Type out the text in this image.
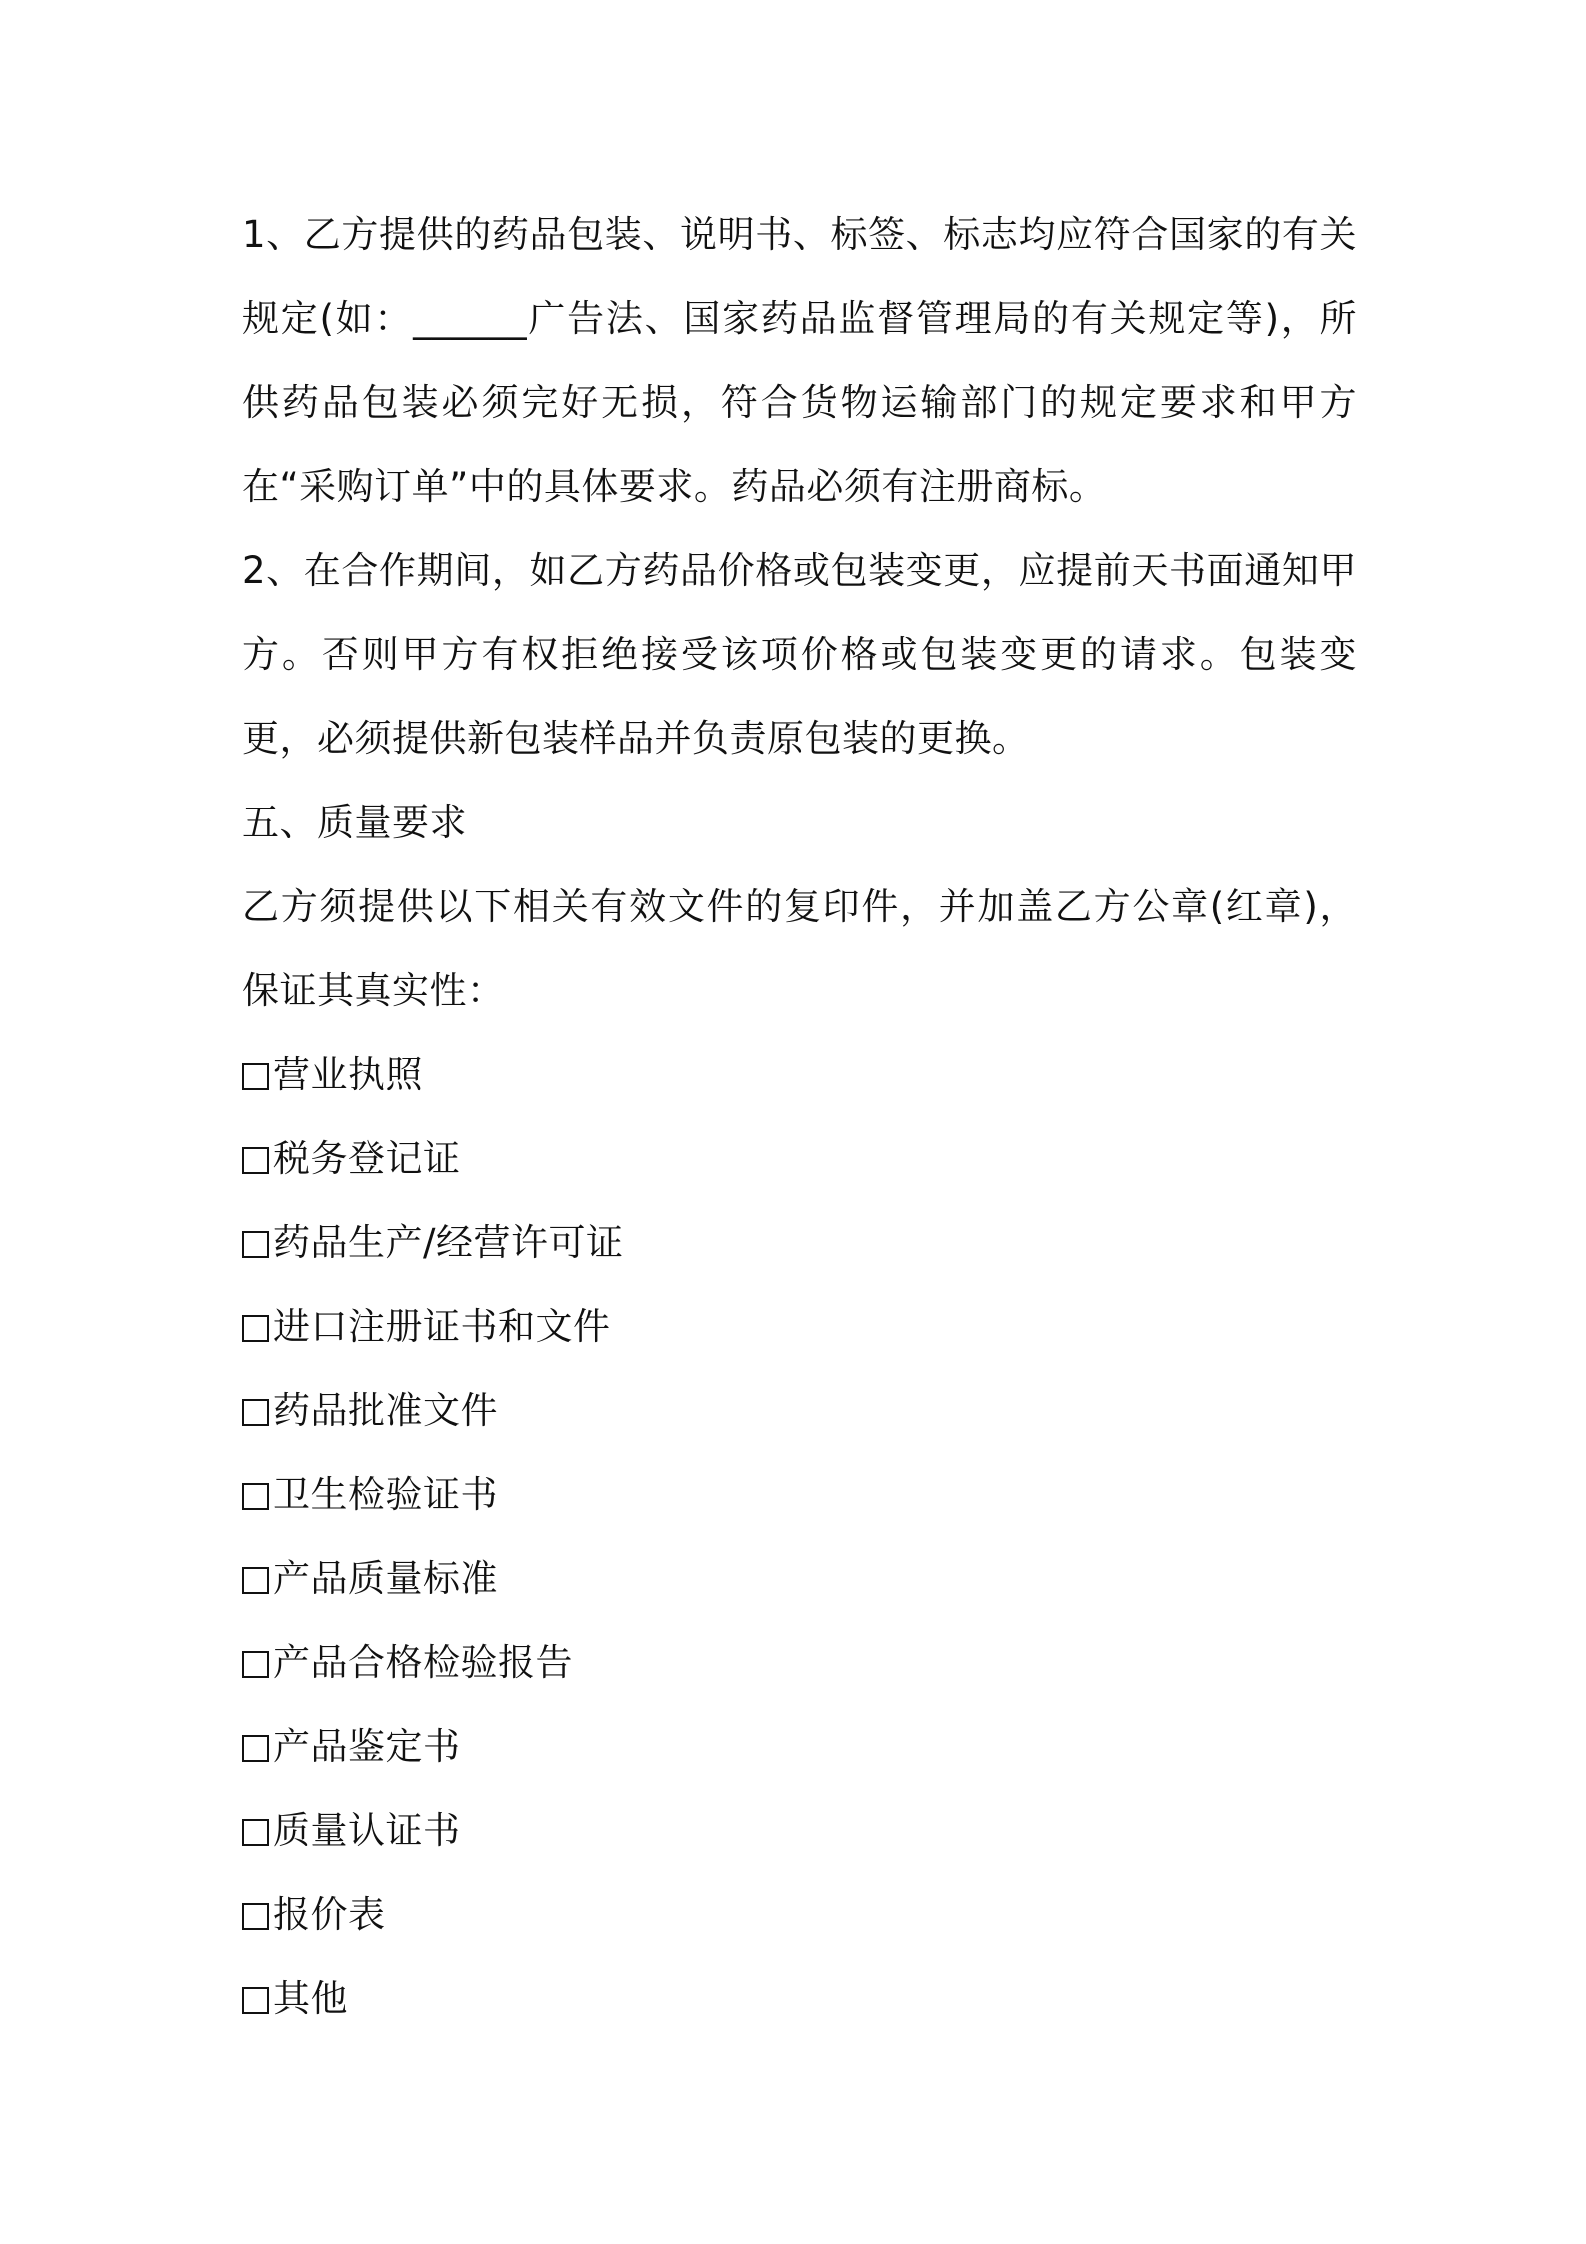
1、乙方提供的药品包装、说明书、标签、标志均应符合国家的有关规定(如：______广告法、国家药品监督管理局的有关规定等)，所供药品包装必须完好无损，符合货物运输部门的规定要求和甲方在“采购订单”中的具体要求。药品必须有注册商标。

2、在合作期间，如乙方药品价格或包装变更，应提前天书面通知甲方。否则甲方有权拒绝接受该项价格或包装变更的请求。包装变更，必须提供新包装样品并负责原包装的更换。

五、质量要求

乙方须提供以下相关有效文件的复印件，并加盖乙方公章(红章)，保证其真实性：

营业执照
税务登记证
药品生产/经营许可证
进口注册证书和文件
药品批准文件
卫生检验证书
产品质量标准
产品合格检验报告
产品鉴定书
质量认证书
报价表
其他
